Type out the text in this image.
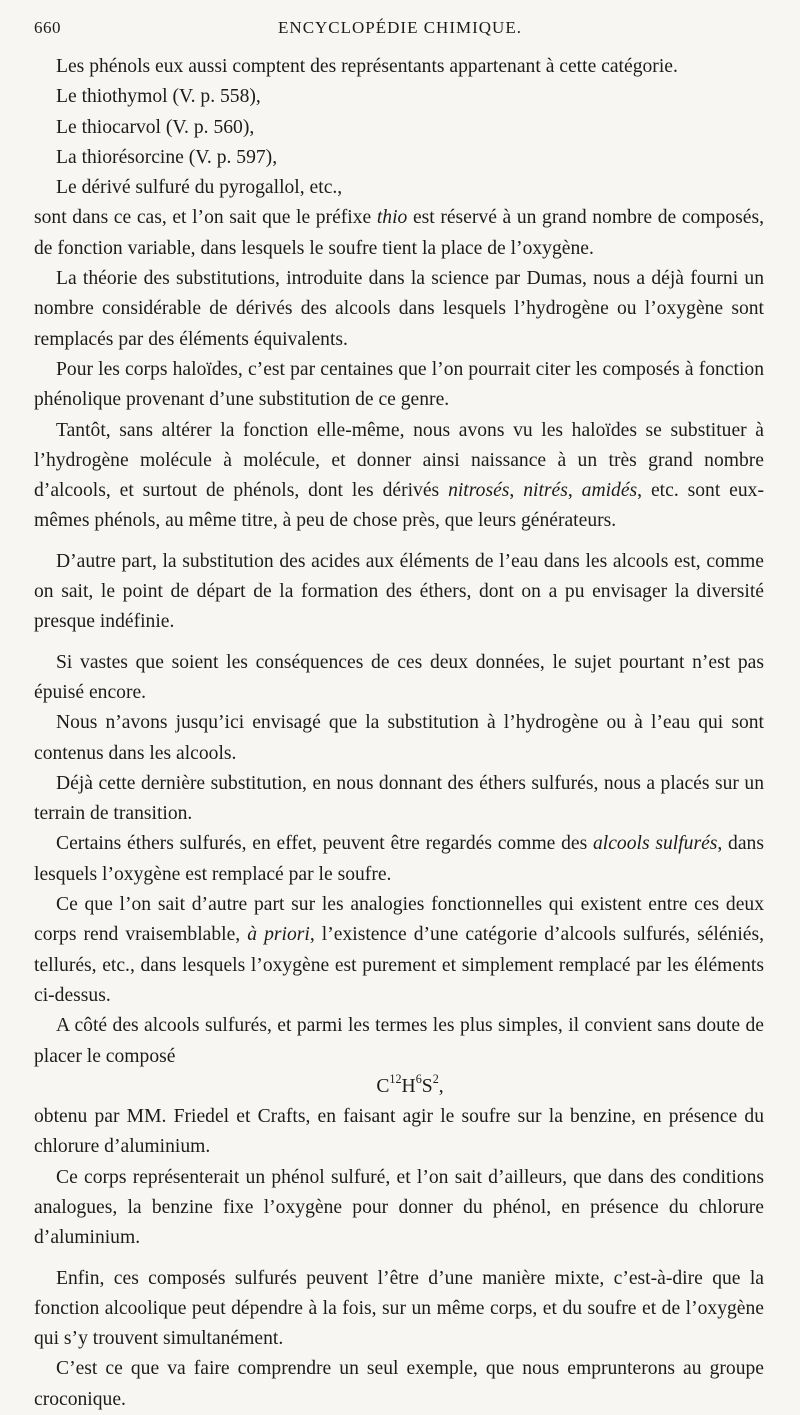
660	ENCYCLOPÉDIE CHIMIQUE.

Les phénols eux aussi comptent des représentants appartenant à cette catégorie.

Le thiothymol (V. p. 558),

Le thiocarvol (V. p. 560),

La thiorésorcine (V. p. 597),

Le dérivé sulfuré du pyrogallol, etc.,

sont dans ce cas, et l’on sait que le préfixe thio est réservé à un grand nombre de composés, de fonction variable, dans lesquels le soufre tient la place de l’oxygène.

La théorie des substitutions, introduite dans la science par Dumas, nous a déjà fourni un nombre considérable de dérivés des alcools dans lesquels l’hydrogène ou l’oxygène sont remplacés par des éléments équivalents.

Pour les corps haloïdes, c’est par centaines que l’on pourrait citer les composés à fonction phénolique provenant d’une substitution de ce genre.

Tantôt, sans altérer la fonction elle-même, nous avons vu les haloïdes se substituer à l’hydrogène molécule à molécule, et donner ainsi naissance à un très grand nombre d’alcools, et surtout de phénols, dont les dérivés nitrosés, nitrés, amidés, etc. sont eux-mêmes phénols, au même titre, à peu de chose près, que leurs générateurs.

D’autre part, la substitution des acides aux éléments de l’eau dans les alcools est, comme on sait, le point de départ de la formation des éthers, dont on a pu envisager la diversité presque indéfinie.

Si vastes que soient les conséquences de ces deux données, le sujet pourtant n’est pas épuisé encore.

Nous n’avons jusqu’ici envisagé que la substitution à l’hydrogène ou à l’eau qui sont contenus dans les alcools.

Déjà cette dernière substitution, en nous donnant des éthers sulfurés, nous a placés sur un terrain de transition.

Certains éthers sulfurés, en effet, peuvent être regardés comme des alcools sulfurés, dans lesquels l’oxygène est remplacé par le soufre.

Ce que l’on sait d’autre part sur les analogies fonctionnelles qui existent entre ces deux corps rend vraisemblable, à priori, l’existence d’une catégorie d’alcools sulfurés, séléniés, tellurés, etc., dans lesquels l’oxygène est purement et simplement remplacé par les éléments ci-dessus.

A côté des alcools sulfurés, et parmi les termes les plus simples, il convient sans doute de placer le composé

$C^{12}H^6S^2$,

obtenu par MM. Friedel et Crafts, en faisant agir le soufre sur la benzine, en présence du chlorure d’aluminium.

Ce corps représenterait un phénol sulfuré, et l’on sait d’ailleurs, que dans des conditions analogues, la benzine fixe l’oxygène pour donner du phénol, en présence du chlorure d’aluminium.

Enfin, ces composés sulfurés peuvent l’être d’une manière mixte, c’est-à-dire que la fonction alcoolique peut dépendre à la fois, sur un même corps, et du soufre et de l’oxygène qui s’y trouvent simultanément.

C’est ce que va faire comprendre un seul exemple, que nous emprunterons au groupe croconique.
